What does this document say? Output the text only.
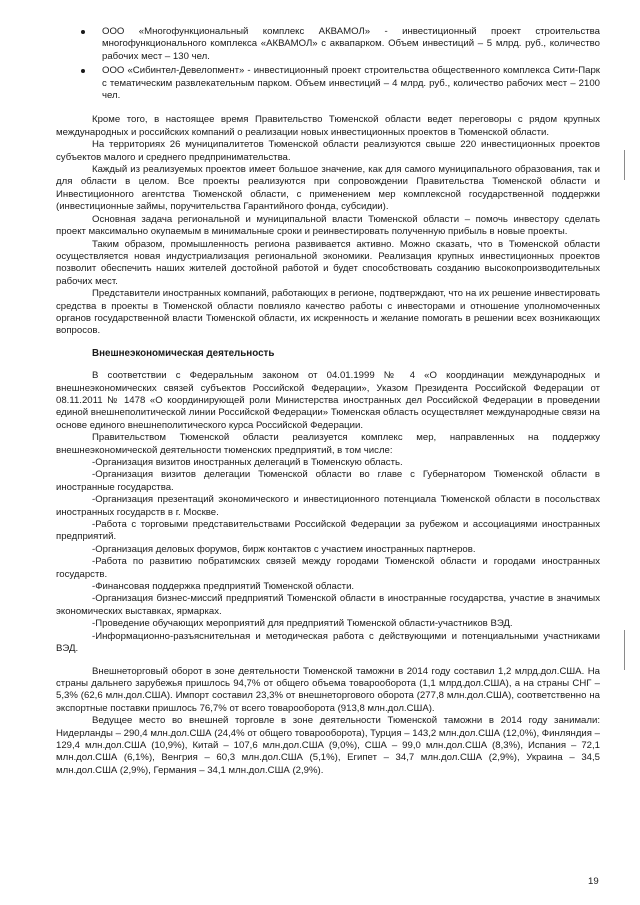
ООО «Многофункциональный комплекс АКВАМОЛ» - инвестиционный проект строительства многофункционального комплекса «АКВАМОЛ» с аквапарком. Объем инвестиций – 5 млрд. руб., количество рабочих мест – 130 чел.
ООО «Сибинтел-Девелопмент» - инвестиционный проект строительства общественного комплекса Сити-Парк с тематическим развлекательным парком. Объем инвестиций – 4 млрд. руб., количество рабочих мест – 2100 чел.

Кроме того, в настоящее время Правительство Тюменской области ведет переговоры с рядом крупных международных и российских компаний о реализации новых инвестиционных проектов в Тюменской области.

На территориях 26 муниципалитетов Тюменской области реализуются свыше 220 инвестиционных проектов субъектов малого и среднего предпринимательства.

Каждый из реализуемых проектов имеет большое значение, как для самого муниципального образования, так и для области в целом. Все проекты реализуются при сопровождении Правительства Тюменской области и Инвестиционного агентства Тюменской области, с применением мер комплексной государственной поддержки (инвестиционные займы, поручительства Гарантийного фонда, субсидии).

Основная задача региональной и муниципальной власти Тюменской области – помочь инвестору сделать проект максимально окупаемым в минимальные сроки и реинвестировать полученную прибыль в новые проекты.

Таким образом, промышленность региона развивается активно. Можно сказать, что в Тюменской области осуществляется новая индустриализация региональной экономики. Реализация крупных инвестиционных проектов позволит обеспечить наших жителей достойной работой и будет способствовать созданию высокопроизводительных рабочих мест.

Представители иностранных компаний, работающих в регионе, подтверждают, что на их решение инвестировать средства в проекты в Тюменской области повлияло качество работы с инвесторами и отношение уполномоченных органов государственной власти Тюменской области, их искренность и желание помогать в решении всех возникающих вопросов.

Внешнеэкономическая деятельность

В соответствии с Федеральным законом от 04.01.1999 № 4 «О координации международных и внешнеэкономических связей субъектов Российской Федерации», Указом Президента Российской Федерации от 08.11.2011 № 1478 «О координирующей роли Министерства иностранных дел Российской Федерации в проведении единой внешнеполитической линии Российской Федерации» Тюменская область осуществляет международные связи на основе единого внешнеполитического курса Российской Федерации.

Правительством Тюменской области реализуется комплекс мер, направленных на поддержку внешнеэкономической деятельности тюменских предприятий, в том числе:

-Организация визитов иностранных делегаций в Тюменскую область.

-Организация визитов делегации Тюменской области во главе с Губернатором Тюменской области в иностранные государства.

-Организация презентаций экономического и инвестиционного потенциала Тюменской области в посольствах иностранных государств в г. Москве.

-Работа с торговыми представительствами Российской Федерации за рубежом и ассоциациями иностранных предприятий.

-Организация деловых форумов, бирж контактов с участием иностранных партнеров.

-Работа по развитию побратимских связей между городами Тюменской области и городами иностранных государств.

-Финансовая поддержка предприятий Тюменской области.

-Организация бизнес-миссий предприятий Тюменской области в иностранные государства, участие в значимых экономических выставках, ярмарках.

-Проведение обучающих мероприятий для предприятий Тюменской области-участников ВЭД.

-Информационно-разъяснительная и методическая работа с действующими и потенциальными участниками ВЭД.

Внешнеторговый оборот в зоне деятельности Тюменской таможни в 2014 году составил 1,2 млрд.дол.США. На страны дальнего зарубежья пришлось 94,7% от общего объема товарооборота (1,1 млрд.дол.США), а на страны СНГ – 5,3% (62,6 млн.дол.США). Импорт составил 23,3% от внешнеторгового оборота (277,8 млн.дол.США), соответственно на экспортные поставки пришлось 76,7% от всего товарооборота (913,8 млн.дол.США).

Ведущее место во внешней торговле в зоне деятельности Тюменской таможни в 2014 году занимали: Нидерланды – 290,4 млн.дол.США (24,4% от общего товарооборота), Турция – 143,2 млн.дол.США (12,0%), Финляндия – 129,4 млн.дол.США (10,9%), Китай – 107,6 млн.дол.США (9,0%), США – 99,0 млн.дол.США (8,3%), Испания – 72,1 млн.дол.США (6,1%), Венгрия – 60,3 млн.дол.США (5,1%), Египет – 34,7 млн.дол.США (2,9%), Украина – 34,5 млн.дол.США (2,9%), Германия – 34,1 млн.дол.США (2,9%).

19
